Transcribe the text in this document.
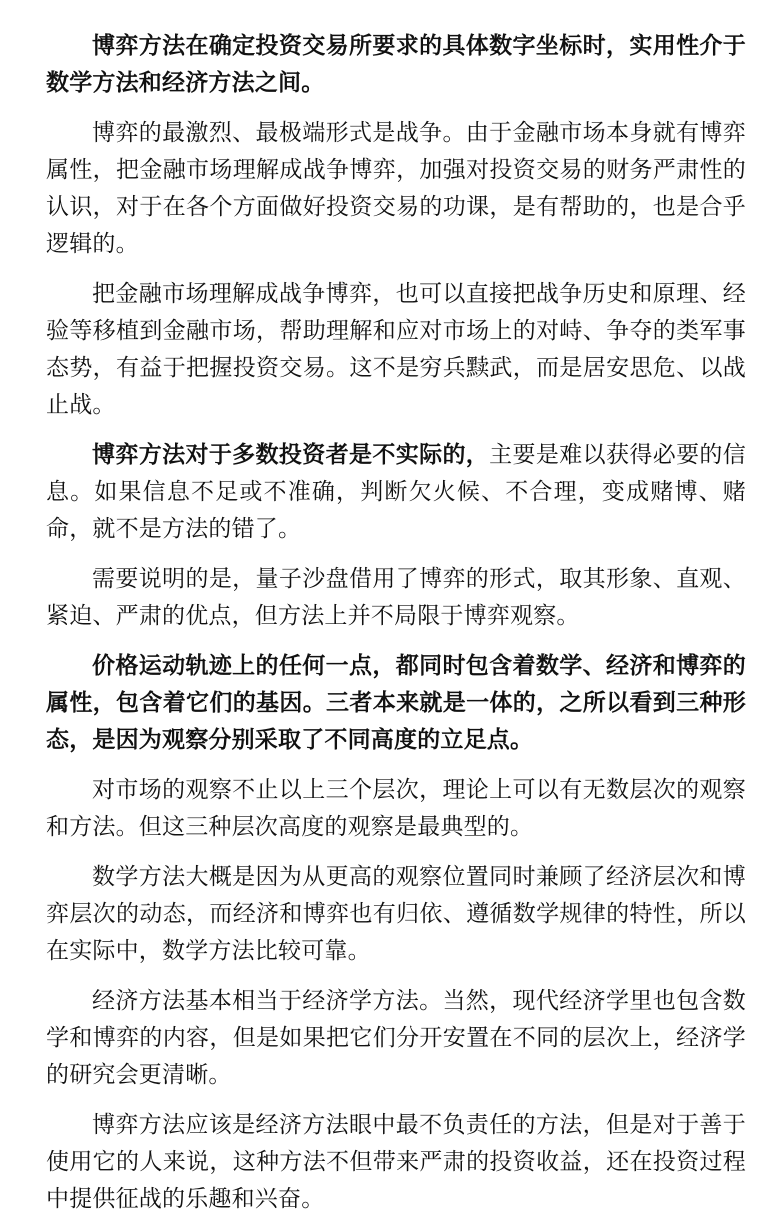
博弈方法在确定投资交易所要求的具体数字坐标时，实用性介于数学方法和经济方法之间。

博弈的最激烈、最极端形式是战争。由于金融市场本身就有博弈属性，把金融市场理解成战争博弈，加强对投资交易的财务严肃性的认识，对于在各个方面做好投资交易的功课，是有帮助的，也是合乎逻辑的。

把金融市场理解成战争博弈，也可以直接把战争历史和原理、经验等移植到金融市场，帮助理解和应对市场上的对峙、争夺的类军事态势，有益于把握投资交易。这不是穷兵黩武，而是居安思危、以战止战。

博弈方法对于多数投资者是不实际的，主要是难以获得必要的信息。如果信息不足或不准确，判断欠火候、不合理，变成赌博、赌命，就不是方法的错了。

需要说明的是，量子沙盘借用了博弈的形式，取其形象、直观、紧迫、严肃的优点，但方法上并不局限于博弈观察。

价格运动轨迹上的任何一点，都同时包含着数学、经济和博弈的属性，包含着它们的基因。三者本来就是一体的，之所以看到三种形态，是因为观察分别采取了不同高度的立足点。

对市场的观察不止以上三个层次，理论上可以有无数层次的观察和方法。但这三种层次高度的观察是最典型的。

数学方法大概是因为从更高的观察位置同时兼顾了经济层次和博弈层次的动态，而经济和博弈也有归依、遵循数学规律的特性，所以在实际中，数学方法比较可靠。

经济方法基本相当于经济学方法。当然，现代经济学里也包含数学和博弈的内容，但是如果把它们分开安置在不同的层次上，经济学的研究会更清晰。

博弈方法应该是经济方法眼中最不负责任的方法，但是对于善于使用它的人来说，这种方法不但带来严肃的投资收益，还在投资过程中提供征战的乐趣和兴奋。
